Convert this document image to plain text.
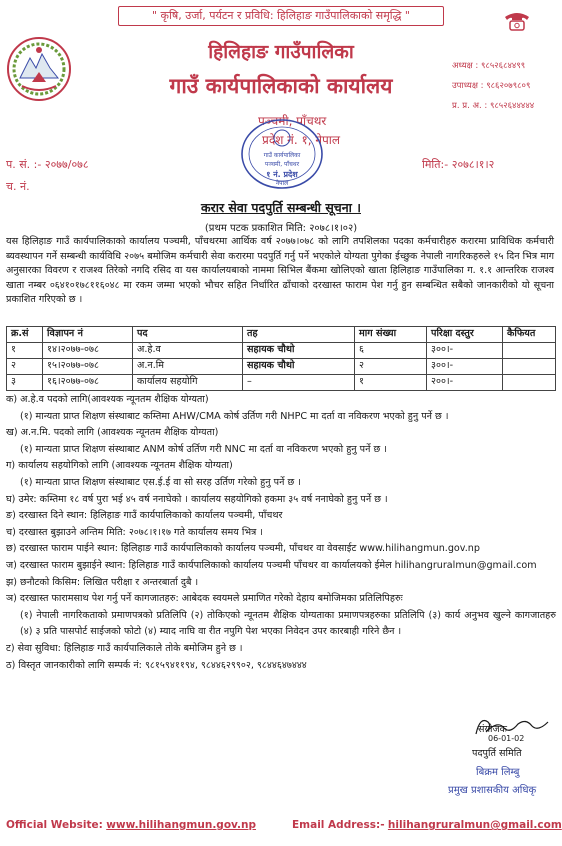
" कृषि, उर्जा, पर्यटन र प्रविधि: हिलिहाङ गाउँपालिकाको समृद्धि "
हिलिहाङ गाउँपालिका
गाउँ कार्यपालिकाको कार्यालय
अध्यक्ष : ९८५२६८४४९९
उपाध्यक्ष : ९८६२०७९८०९
प्र. प्र. अ. : ९८५२६४४४४४
पञ्चमी, पाँचथर
प्रदेश नं. १, नेपाल
गाउँ कार्यपालिका
पञ्चमी, पाँचथर
१ नं. प्रदेश
नेपाल
प. सं. :- २०७७/०७८
च. नं.
मिति:- २०७८।१।२
करार सेवा पदपुर्ति सम्बन्धी सूचना ।
(प्रथम पटक प्रकाशित मिति: २०७८।१।०२)
यस हिलिहाङ गाउँ कार्यपालिकाको कार्यालय पञ्चमी, पाँचथरमा आर्थिक वर्ष २०७७।०७८ को लागि तपशिलका पदका कर्मचारीहरु करारमा प्राविधिक कर्मचारी ब्यवस्थापन गर्ने सम्बन्धी कार्यविधि २०७५ बमोजिम कर्मचारी सेवा करारमा पदपुर्ति गर्नु पर्ने भएकोले योग्यता पुगेका ईच्छुक नेपाली नागरिकहरुले १५ दिन भित्र माग अनुसारका विवरण र राजश्व तिरेको नगदि रसिद वा यस कार्यालयबाको नाममा सिभिल बैंकमा खोलिएको खाता हिलिहाङ गाउँपालिका ग. १.१ आन्तरिक राजश्व खाता नम्बर ०६४१०१७८११६०४८ मा रकम जम्मा भएको भौचर सहित निर्धारित ढाँचाको दरखास्त फाराम पेश गर्नु हुन सम्बन्धित सबैको जानकारीको यो सूचना प्रकाशित गरिएको छ ।
क्र.सं	विज्ञापन नं	पद	तह	माग संख्या	परिक्षा दस्तुर	कैफियत
१	१४।२०७७-०७८	अ.हे.व	सहायक चौथो	६	३००।-	
२	१५।२०७७-०७८	अ.न.मि	सहायक चौथो	२	३००।-	
३	१६।२०७७-०७८	कार्यालय सहयोगि	–	१	२००।-	

क) अ.हे.व पदको लागि(आवश्यक न्यूनतम शैक्षिक योग्यता)

(१) मान्यता प्राप्त शिक्षण संस्थाबाट कम्तिमा AHW/CMA कोर्ष उर्तिण गरी NHPC मा दर्ता वा नविकरण भएको हुनु पर्ने छ ।

ख) अ.न.मि. पदको लागि (आवश्यक न्यूनतम शैक्षिक योग्यता)

(१) मान्यता प्राप्त शिक्षण संस्थाबाट ANM कोर्ष उर्तिण गरी NNC मा दर्ता वा नविकरण भएको हुनु पर्ने छ ।

ग) कार्यालय सहयोगिको लागि (आवश्यक न्यूनतम शैक्षिक योग्यता)

(१) मान्यता प्राप्त शिक्षण संस्थाबाट एस.ई.ई वा सो सरह उर्तिण गरेको हुनु पर्ने छ ।

घ) उमेर: कम्तिमा १८ वर्ष पुरा भई ४५ वर्ष ननाघेको । कार्यालय सहयोगिको हकमा ३५ वर्ष ननाघेको हुनु पर्ने छ ।

ङ) दरखास्त दिने स्थान: हिलिहाङ गाउँ कार्यपालिकाको कार्यालय पञ्चमी, पाँचथर

च) दरखास्त बुझाउने अन्तिम मिति: २०७८।१।१७ गते कार्यालय समय भित्र ।

छ) दरखास्त फाराम पाईने स्थान: हिलिहाङ गाउँ कार्यपालिकाको कार्यालय पञ्चमी, पाँचथर वा वेवसाईट www.hilihangmun.gov.np

ज) दरखास्त फाराम बुझाईने स्थान: हिलिहाङ गाउँ कार्यपालिकाको कार्यालय पञ्चमी पाँचथर वा कार्यालयको ईमेल hilihangruralmun@gmail.com

झ) छनौटको किसिम: लिखित परीक्षा र अन्तरबार्ता दुबै ।

ञ) दरखास्त फारामसाथ पेश गर्नु पर्ने कागजातहरु: आबेदक स्वयमले प्रमाणित गरेको देहाय बमोजिमका प्रतिलिपिहरुः

(१) नेपाली नागरिकताको प्रमाणपत्रको प्रतिलिपि (२) तोकिएको न्यूनतम शैक्षिक योग्यताका प्रमाणपत्रहरुका प्रतिलिपि (३) कार्य अनुभव खुल्ने कागजातहरु (४) ३ प्रति पासपोर्ट साईजको फोटो (४) म्याद नाघि वा रीत नपुगि पेश भएका निवेदन उपर कारबाही गरिने छैन ।

ट) सेवा सुविधा: हिलिहाङ गाउँ कार्यपालिकाले तोके बमोजिम हुने छ ।

ठ) विस्तृत जानकारीको लागि सम्पर्क नं: ९८१५९४११९४, ९८४४६२९९०२, ९८४४६४७४४४

06-01-02
संयोजक
पदपुर्ति समिति
बिक्रम लिम्बु
प्रमुख प्रशासकीय अधिकृ
Official Website: www.hilihangmun.gov.np	Email Address:- hilihangruralmun@gmail.com
